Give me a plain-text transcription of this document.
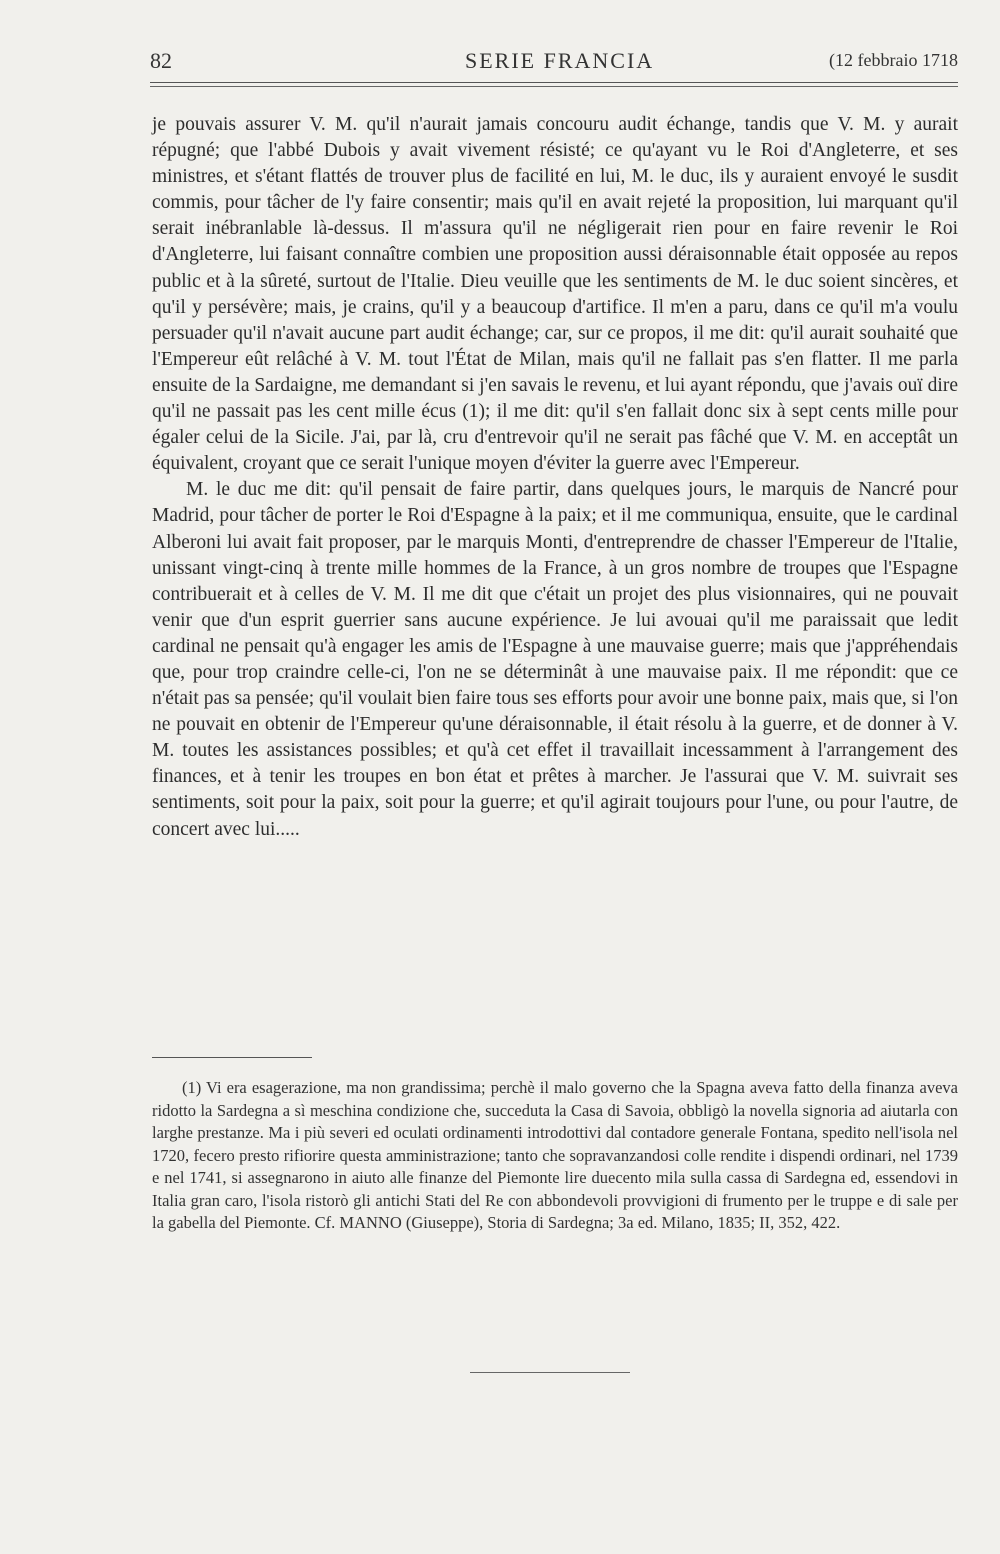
82	SERIE FRANCIA	(12 febbraio 1718

je pouvais assurer V. M. qu'il n'aurait jamais concouru audit échange, tandis que V. M. y aurait répugné; que l'abbé Dubois y avait vivement résisté; ce qu'ayant vu le Roi d'Angleterre, et ses ministres, et s'étant flattés de trouver plus de facilité en lui, M. le duc, ils y auraient envoyé le susdit commis, pour tâcher de l'y faire consentir; mais qu'il en avait rejeté la proposition, lui marquant qu'il serait inébranlable là-dessus. Il m'assura qu'il ne négligerait rien pour en faire revenir le Roi d'Angleterre, lui faisant connaître combien une proposition aussi déraisonnable était opposée au repos public et à la sûreté, surtout de l'Italie. Dieu veuille que les sentiments de M. le duc soient sincères, et qu'il y persévère; mais, je crains, qu'il y a beaucoup d'artifice. Il m'en a paru, dans ce qu'il m'a voulu persuader qu'il n'avait aucune part audit échange; car, sur ce propos, il me dit: qu'il aurait souhaité que l'Empereur eût relâché à V. M. tout l'État de Milan, mais qu'il ne fallait pas s'en flatter. Il me parla ensuite de la Sardaigne, me demandant si j'en savais le revenu, et lui ayant répondu, que j'avais ouï dire qu'il ne passait pas les cent mille écus (1); il me dit: qu'il s'en fallait donc six à sept cents mille pour égaler celui de la Sicile. J'ai, par là, cru d'entrevoir qu'il ne serait pas fâché que V. M. en acceptât un équivalent, croyant que ce serait l'unique moyen d'éviter la guerre avec l'Empereur.

M. le duc me dit: qu'il pensait de faire partir, dans quelques jours, le marquis de Nancré pour Madrid, pour tâcher de porter le Roi d'Espagne à la paix; et il me communiqua, ensuite, que le cardinal Alberoni lui avait fait proposer, par le marquis Monti, d'entreprendre de chasser l'Empereur de l'Italie, unissant vingt-cinq à trente mille hommes de la France, à un gros nombre de troupes que l'Espagne contribuerait et à celles de V. M. Il me dit que c'était un projet des plus visionnaires, qui ne pouvait venir que d'un esprit guerrier sans aucune expérience. Je lui avouai qu'il me paraissait que ledit cardinal ne pensait qu'à engager les amis de l'Espagne à une mauvaise guerre; mais que j'appréhendais que, pour trop craindre celle-ci, l'on ne se déterminât à une mauvaise paix. Il me répondit: que ce n'était pas sa pensée; qu'il voulait bien faire tous ses efforts pour avoir une bonne paix, mais que, si l'on ne pouvait en obtenir de l'Empereur qu'une déraisonnable, il était résolu à la guerre, et de donner à V. M. toutes les assistances possibles; et qu'à cet effet il travaillait incessamment à l'arrangement des finances, et à tenir les troupes en bon état et prêtes à marcher. Je l'assurai que V. M. suivrait ses sentiments, soit pour la paix, soit pour la guerre; et qu'il agirait toujours pour l'une, ou pour l'autre, de concert avec lui.....

(1) Vi era esagerazione, ma non grandissima; perchè il malo governo che la Spagna aveva fatto della finanza aveva ridotto la Sardegna a sì meschina condizione che, succeduta la Casa di Savoia, obbligò la novella signoria ad aiutarla con larghe prestanze. Ma i più severi ed oculati ordinamenti introdottivi dal contadore generale Fontana, spedito nell'isola nel 1720, fecero presto rifiorire questa amministrazione; tanto che sopravanzandosi colle rendite i dispendi ordinari, nel 1739 e nel 1741, si assegnarono in aiuto alle finanze del Piemonte lire duecento mila sulla cassa di Sardegna ed, essendovi in Italia gran caro, l'isola ristorò gli antichi Stati del Re con abbondevoli provvigioni di frumento per le truppe e di sale per la gabella del Piemonte. Cf. MANNO (Giuseppe), Storia di Sardegna; 3a ed. Milano, 1835; II, 352, 422.
